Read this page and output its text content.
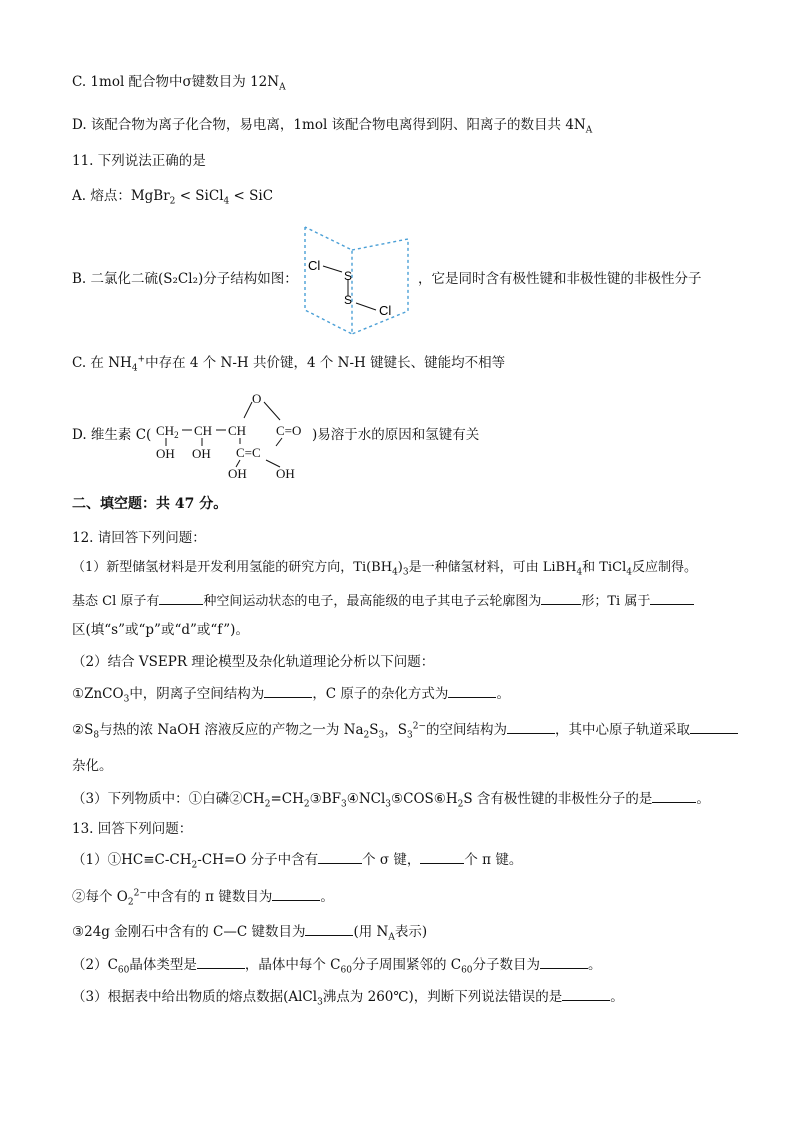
C. 1mol 配合物中σ键数目为 $12N_A$
D. 该配合物为离子化合物，易电离，1mol 该配合物电离得到阴、阳离子的数目共 $4N_A$
11. 下列说法正确的是
A. 熔点：MgBr$_2$ < SiCl$_4$ < SiC
B. 二氯化二硫(S₂Cl₂)分子结构如图：	，它是同时含有极性键和非极性键的非极性分子
Cl
S
S
Cl
C. 在 $NH_4^+$中存在 4 个 N-H 共价键，4 个 N-H 键键长、键能均不相等
D. 维生素 C(
O
$CH_2$ CH CH C=O
C=C
OH OH
OH OH
)易溶于水的原因和氢键有关
二、填空题：共 47 分。
12. 请回答下列问题：
（1）新型储氢材料是开发利用氢能的研究方向，$Ti(BH_4)_3$是一种储氢材料，可由 LiBH$_4$和 TiCl$_4$反应制得。
基态 Cl 原子有	种空间运动状态的电子，最高能级的电子其电子云轮廓图为	形；Ti 属于
区(填“s”或“p”或“d”或“f”)。
（2）结合 VSEPR 理论模型及杂化轨道理论分析以下问题：
①ZnCO$_3$中，阴离子空间结构为	，C 原子的杂化方式为	。
$②S_8$与热的浓 NaOH 溶液反应的产物之一为 $Na_2S_3$，$S_3^{2-}$的空间结构为	，其中心原子轨道采取
杂化。
（3）下列物质中：①白磷$②CH_2=CH_2③BF_3④NCl_3⑤COS⑥H_2S$ 含有极性键的非极性分子的是	。
13. 回答下列问题：
$(1)①HC\equiv C-CH_2-CH=O$ 分子中含有	个 σ 键，	个 π 键。
②每个 $O_2^{2-}$中含有的 π 键数目为	。
③24g 金刚石中含有的 C—C 键数目为	(用 $N_A$表示)
$(2)C_{60}$晶体类型是	，晶体中每个 $C_{60}$分子周围紧邻的 $C_{60}$分子数目为	。
（3）根据表中给出物质的熔点数据(AlCl$_3$沸点为 260℃)，判断下列说法错误的是	。
